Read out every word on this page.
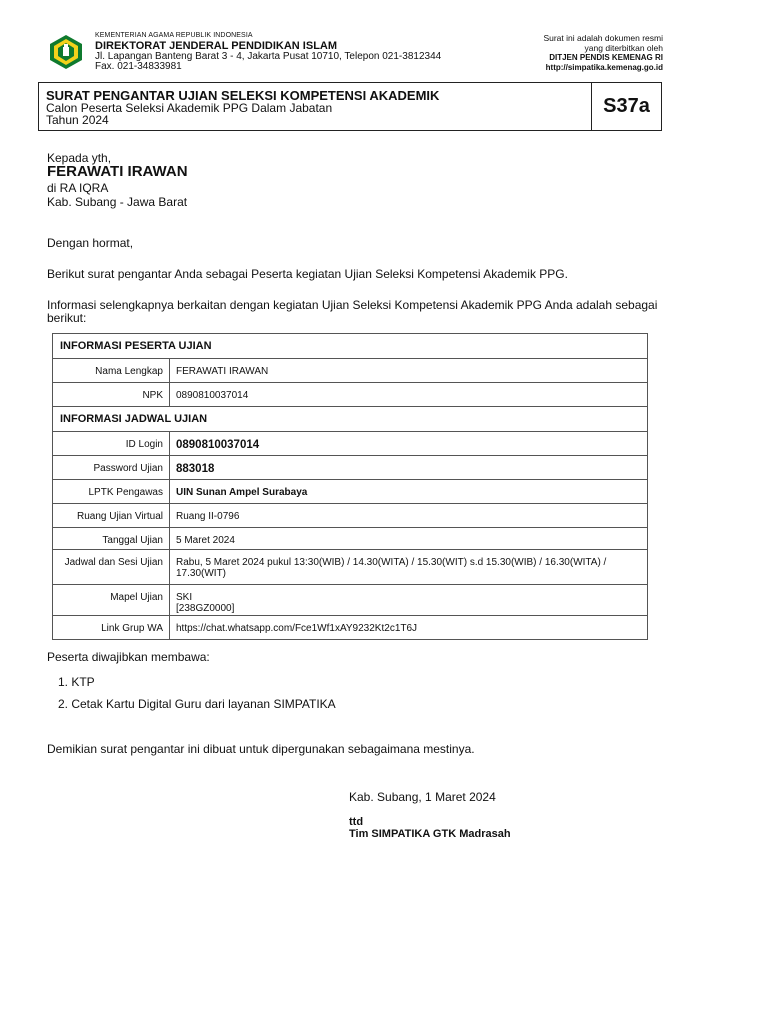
KEMENTERIAN AGAMA REPUBLIK INDONESIA
DIREKTORAT JENDERAL PENDIDIKAN ISLAM
Jl. Lapangan Banteng Barat 3 - 4, Jakarta Pusat 10710, Telepon 021-3812344
Fax. 021-34833981
Surat ini adalah dokumen resmi
yang diterbitkan oleh
DITJEN PENDIS KEMENAG RI
http://simpatika.kemenag.go.id
SURAT PENGANTAR UJIAN SELEKSI KOMPETENSI AKADEMIK
Calon Peserta Seleksi Akademik PPG Dalam Jabatan
Tahun 2024
S37a
Kepada yth,
FERAWATI IRAWAN
di RA IQRA
Kab. Subang - Jawa Barat
Dengan hormat,
Berikut surat pengantar Anda sebagai Peserta kegiatan Ujian Seleksi Kompetensi Akademik PPG.
Informasi selengkapnya berkaitan dengan kegiatan Ujian Seleksi Kompetensi Akademik PPG Anda adalah sebagai
berikut:
INFORMASI PESERTA UJIAN	
Nama Lengkap	FERAWATI IRAWAN
NPK	0890810037014
INFORMASI JADWAL UJIAN	
ID Login	0890810037014
Password Ujian	883018
LPTK Pengawas	UIN Sunan Ampel Surabaya
Ruang Ujian Virtual	Ruang II-0796
Tanggal Ujian	5 Maret 2024
Jadwal dan Sesi Ujian	Rabu, 5 Maret 2024 pukul 13:30(WIB) / 14.30(WITA) / 15.30(WIT) s.d 15.30(WIB) / 16.30(WITA) /
17.30(WIT)

Mapel Ujian	SKI
[238GZ0000]

Link Grup WA	https://chat.whatsapp.com/Fce1Wf1xAY9232Kt2c1T6J
Peserta diwajibkan membawa:
1. KTP
2. Cetak Kartu Digital Guru dari layanan SIMPATIKA
Demikian surat pengantar ini dibuat untuk dipergunakan sebagaimana mestinya.
Kab. Subang, 1 Maret 2024
ttd
Tim SIMPATIKA GTK Madrasah
